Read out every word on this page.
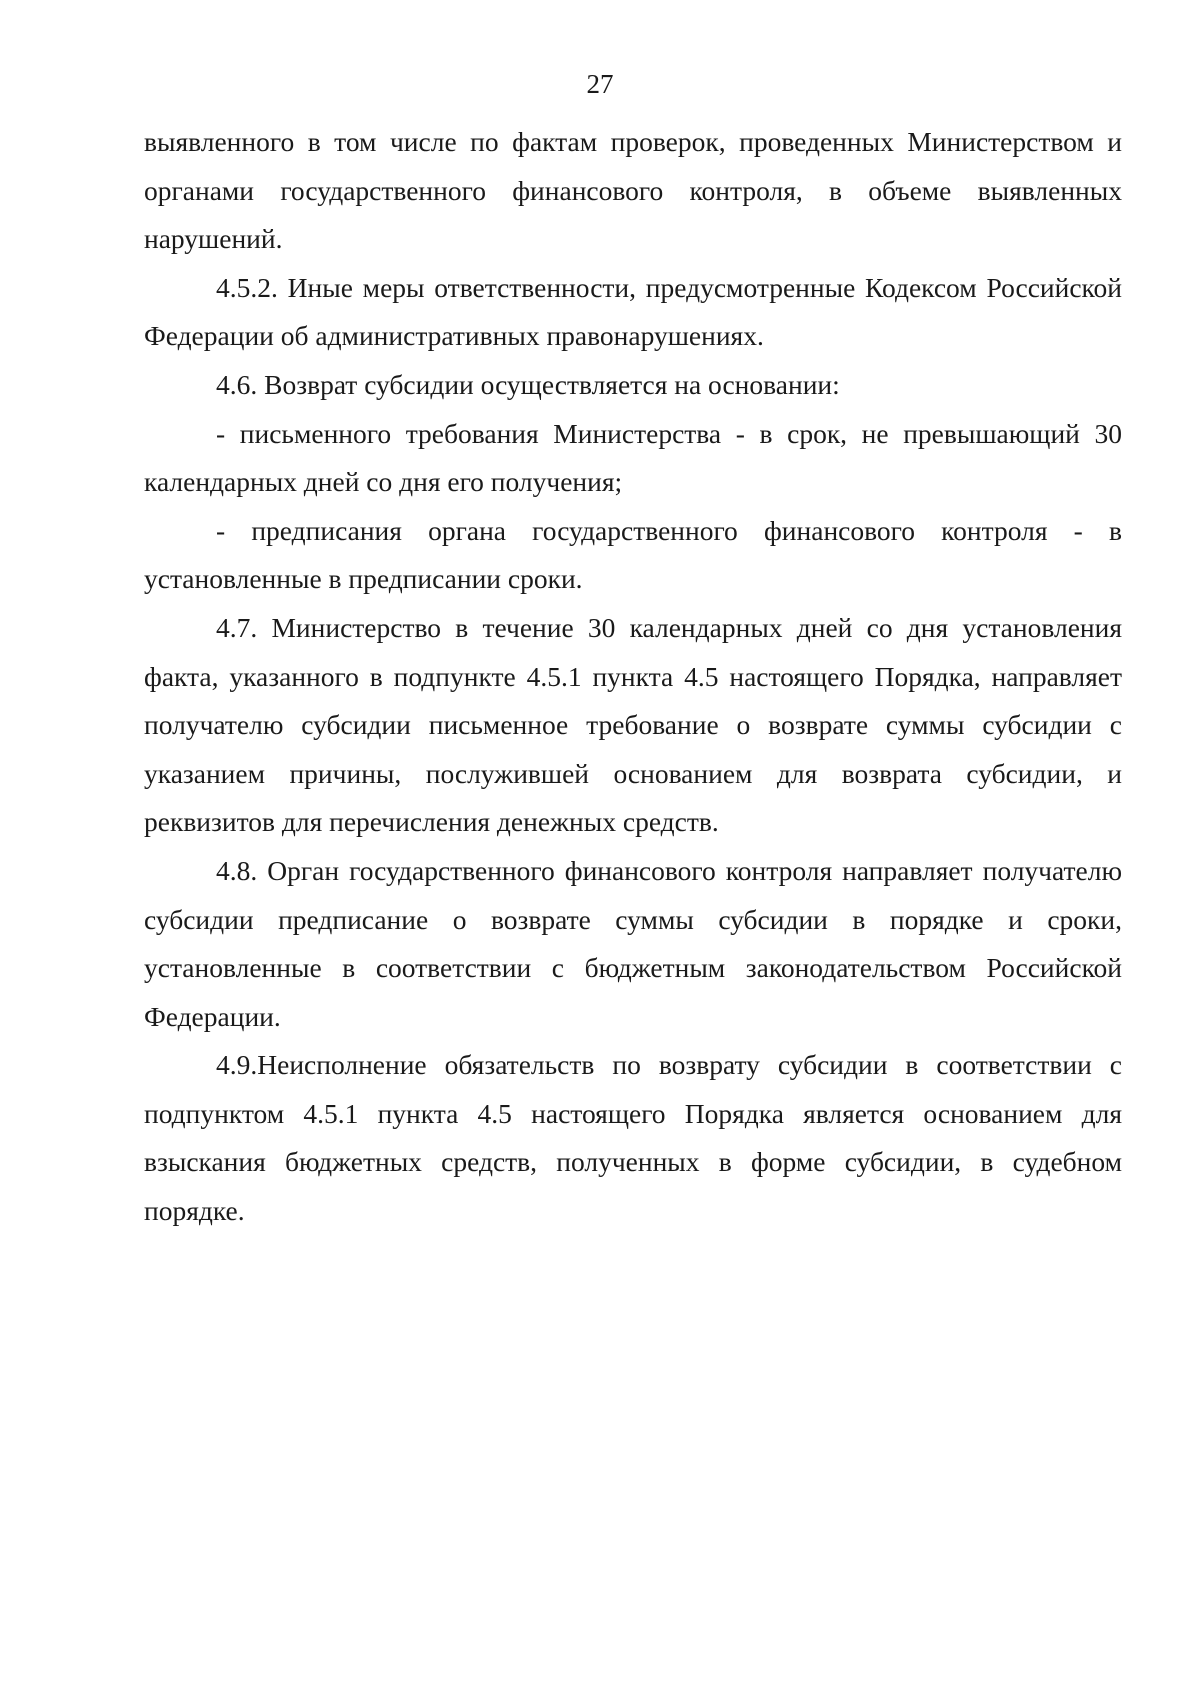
27

выявленного в том числе по фактам проверок, проведенных Министерством и органами государственного финансового контроля, в объеме выявленных нарушений.

4.5.2. Иные меры ответственности, предусмотренные Кодексом Российской Федерации об административных правонарушениях.

4.6. Возврат субсидии осуществляется на основании:

- письменного требования Министерства - в срок, не превышающий 30 календарных дней со дня его получения;

- предписания органа государственного финансового контроля - в установленные в предписании сроки.

4.7. Министерство в течение 30 календарных дней со дня установления факта, указанного в подпункте 4.5.1 пункта 4.5 настоящего Порядка, направляет получателю субсидии письменное требование о возврате суммы субсидии с указанием причины, послужившей основанием для возврата субсидии, и реквизитов для перечисления денежных средств.

4.8. Орган государственного финансового контроля направляет получателю субсидии предписание о возврате суммы субсидии в порядке и сроки, установленные в соответствии с бюджетным законодательством Российской Федерации.

4.9.Неисполнение обязательств по возврату субсидии в соответствии с подпунктом 4.5.1 пункта 4.5 настоящего Порядка является основанием для взыскания бюджетных средств, полученных в форме субсидии, в судебном порядке.
